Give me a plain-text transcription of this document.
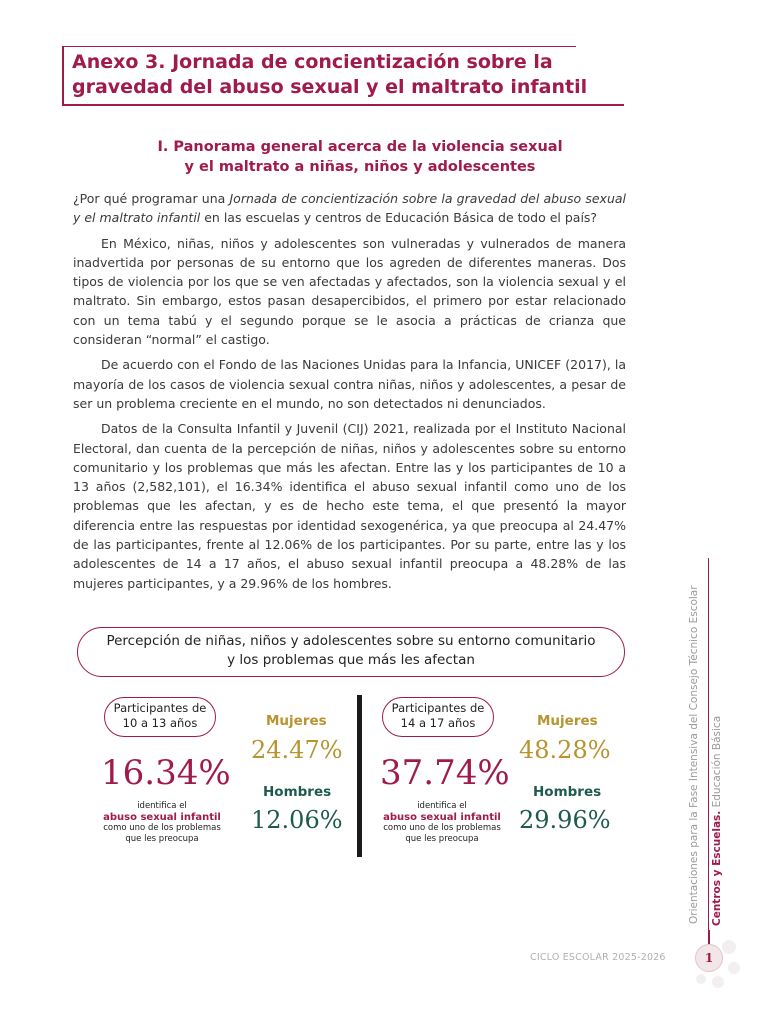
Anexo 3. Jornada de concientización sobre la gravedad del abuso sexual y el maltrato infantil
I. Panorama general acerca de la violencia sexual
y el maltrato a niñas, niños y adolescentes

¿Por qué programar una Jornada de concientización sobre la gravedad del abuso sexual y el maltrato infantil en las escuelas y centros de Educación Básica de todo el país?

En México, niñas, niños y adolescentes son vulneradas y vulnerados de manera inadvertida por personas de su entorno que los agreden de diferentes maneras. Dos tipos de violencia por los que se ven afectadas y afectados, son la violencia sexual y el maltrato. Sin embargo, estos pasan desapercibidos, el primero por estar relacionado con un tema tabú y el segundo porque se le asocia a prácticas de crianza que consideran “normal” el castigo.

De acuerdo con el Fondo de las Naciones Unidas para la Infancia, UNICEF (2017), la mayoría de los casos de violencia sexual contra niñas, niños y adolescentes, a pesar de ser un problema creciente en el mundo, no son detectados ni denunciados.

Datos de la Consulta Infantil y Juvenil (CIJ) 2021, realizada por el Instituto Nacional Electoral, dan cuenta de la percepción de niñas, niños y adolescentes sobre su entorno comunitario y los problemas que más les afectan. Entre las y los participantes de 10 a 13 años (2,582,101), el 16.34% identifica el abuso sexual infantil como uno de los problemas que les afectan, y es de hecho este tema, el que presentó la mayor diferencia entre las respuestas por identidad sexogenérica, ya que preocupa al 24.47% de las participantes, frente al 12.06% de los participantes. Por su parte, entre las y los adolescentes de 14 a 17 años, el abuso sexual infantil preocupa a 48.28% de las mujeres participantes, y a 29.96% de los hombres.

Percepción de niñas, niños y adolescentes sobre su entorno comunitario
y los problemas que más les afectan
Participantes de
10 a 13 años
16.34%
identifica el
abuso sexual infantil
como uno de los problemas
que les preocupa
Mujeres
24.47%
Hombres
12.06%
Participantes de
14 a 17 años
37.74%
identifica el
abuso sexual infantil
como uno de los problemas
que les preocupa
Mujeres
48.28%
Hombres
29.96%	Orientaciones para la Fase Intensiva del Consejo Técnico Escolar Centros y Escuelas. Educación Básica
CICLO ESCOLAR 2025-2026	1
